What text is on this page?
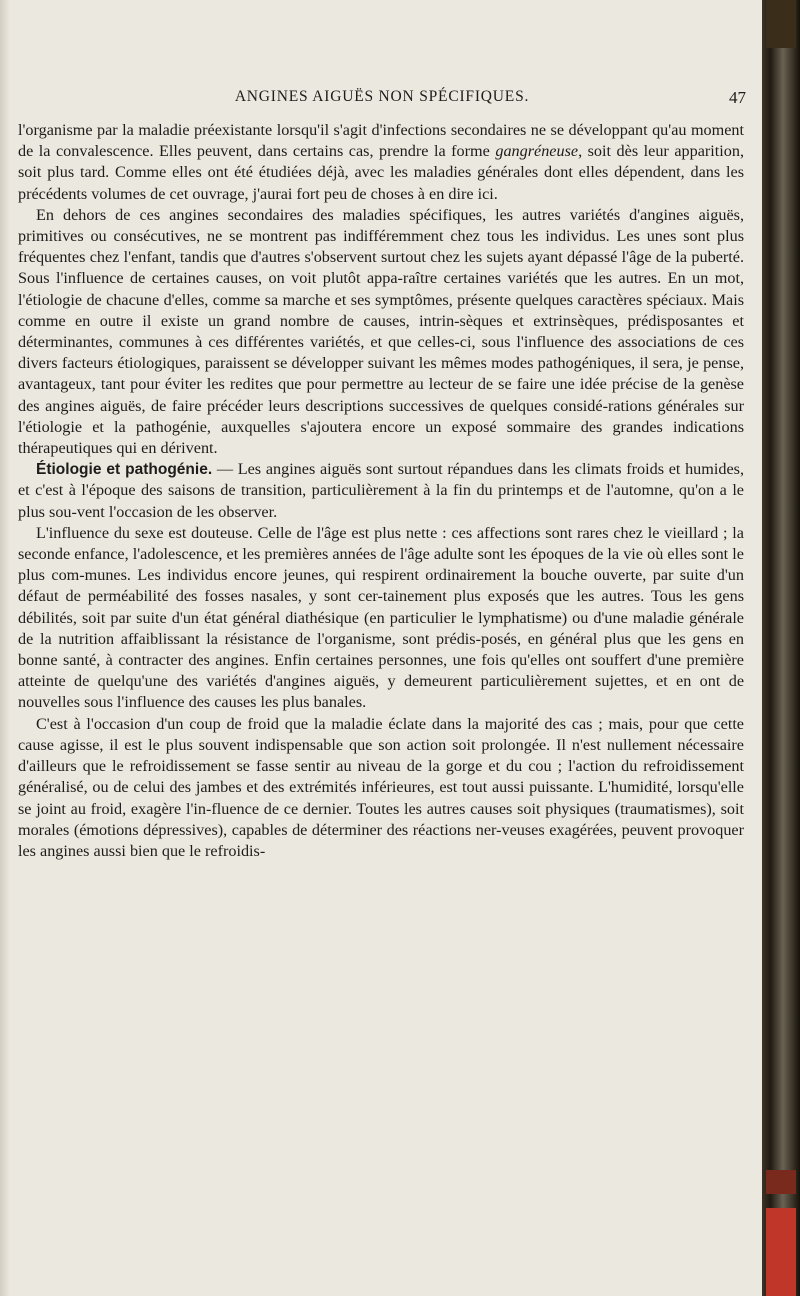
ANGINES AIGUËS NON SPÉCIFIQUES.	47

l'organisme par la maladie préexistante lorsqu'il s'agit d'infections secondaires ne se développant qu'au moment de la convalescence. Elles peuvent, dans certains cas, prendre la forme gangréneuse, soit dès leur apparition, soit plus tard. Comme elles ont été étudiées déjà, avec les maladies générales dont elles dépendent, dans les précédents volumes de cet ouvrage, j'aurai fort peu de choses à en dire ici.

En dehors de ces angines secondaires des maladies spécifiques, les autres variétés d'angines aiguës, primitives ou consécutives, ne se montrent pas indifféremment chez tous les individus. Les unes sont plus fréquentes chez l'enfant, tandis que d'autres s'observent surtout chez les sujets ayant dépassé l'âge de la puberté. Sous l'influence de certaines causes, on voit plutôt appa-raître certaines variétés que les autres. En un mot, l'étiologie de chacune d'elles, comme sa marche et ses symptômes, présente quelques caractères spéciaux. Mais comme en outre il existe un grand nombre de causes, intrin-sèques et extrinsèques, prédisposantes et déterminantes, communes à ces différentes variétés, et que celles-ci, sous l'influence des associations de ces divers facteurs étiologiques, paraissent se développer suivant les mêmes modes pathogéniques, il sera, je pense, avantageux, tant pour éviter les redites que pour permettre au lecteur de se faire une idée précise de la genèse des angines aiguës, de faire précéder leurs descriptions successives de quelques considé-rations générales sur l'étiologie et la pathogénie, auxquelles s'ajoutera encore un exposé sommaire des grandes indications thérapeutiques qui en dérivent.

Étiologie et pathogénie. — Les angines aiguës sont surtout répandues dans les climats froids et humides, et c'est à l'époque des saisons de transition, particulièrement à la fin du printemps et de l'automne, qu'on a le plus sou-vent l'occasion de les observer.

L'influence du sexe est douteuse. Celle de l'âge est plus nette : ces affections sont rares chez le vieillard ; la seconde enfance, l'adolescence, et les premières années de l'âge adulte sont les époques de la vie où elles sont le plus com-munes. Les individus encore jeunes, qui respirent ordinairement la bouche ouverte, par suite d'un défaut de perméabilité des fosses nasales, y sont cer-tainement plus exposés que les autres. Tous les gens débilités, soit par suite d'un état général diathésique (en particulier le lymphatisme) ou d'une maladie générale de la nutrition affaiblissant la résistance de l'organisme, sont prédis-posés, en général plus que les gens en bonne santé, à contracter des angines. Enfin certaines personnes, une fois qu'elles ont souffert d'une première atteinte de quelqu'une des variétés d'angines aiguës, y demeurent particulièrement sujettes, et en ont de nouvelles sous l'influence des causes les plus banales.

C'est à l'occasion d'un coup de froid que la maladie éclate dans la majorité des cas ; mais, pour que cette cause agisse, il est le plus souvent indispensable que son action soit prolongée. Il n'est nullement nécessaire d'ailleurs que le refroidissement se fasse sentir au niveau de la gorge et du cou ; l'action du refroidissement généralisé, ou de celui des jambes et des extrémités inférieures, est tout aussi puissante. L'humidité, lorsqu'elle se joint au froid, exagère l'in-fluence de ce dernier. Toutes les autres causes soit physiques (traumatismes), soit morales (émotions dépressives), capables de déterminer des réactions ner-veuses exagérées, peuvent provoquer les angines aussi bien que le refroidis-
